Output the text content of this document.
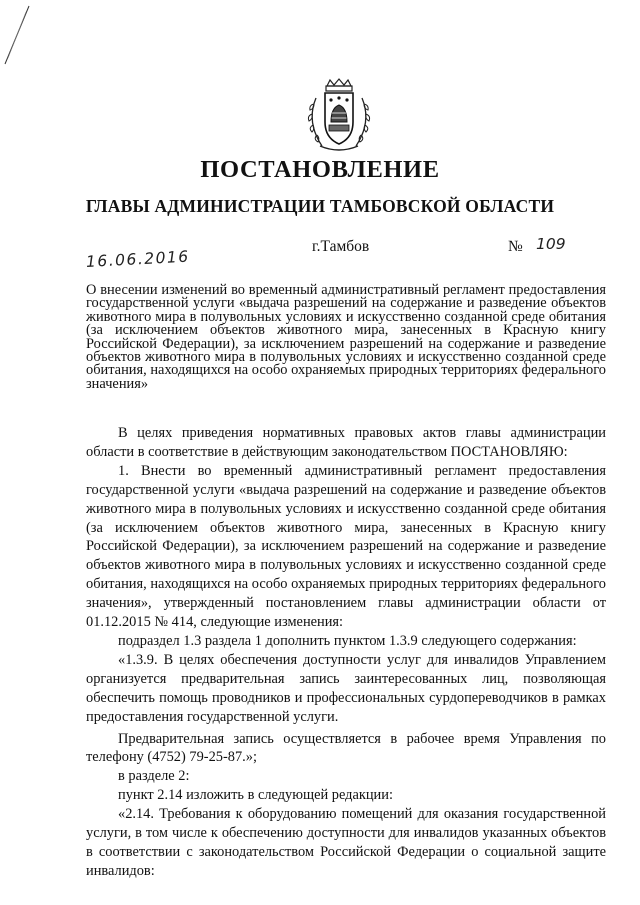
ПОСТАНОВЛЕНИЕ
ГЛАВЫ АДМИНИСТРАЦИИ ТАМБОВСКОЙ ОБЛАСТИ
16.06.2016
г.Тамбов	№ 109
О внесении изменений во временный административный регламент предоставления государственной услуги «выдача разрешений на содержание и разведение объектов животного мира в полувольных условиях и искусственно созданной среде обитания (за исключением объектов животного мира, занесенных в Красную книгу Российской Федерации), за исключением разрешений на содержание и разведение объектов животного мира в полувольных условиях и искусственно созданной среде обитания, находящихся на особо охраняемых природных территориях федерального значения»

В целях приведения нормативных правовых актов главы администрации области в соответствие в действующим законодательством ПОСТАНОВЛЯЮ:

1. Внести во временный административный регламент предоставления государственной услуги «выдача разрешений на содержание и разведение объектов животного мира в полувольных условиях и искусственно созданной среде обитания (за исключением объектов животного мира, занесенных в Красную книгу Российской Федерации), за исключением разрешений на содержание и разведение объектов животного мира в полувольных условиях и искусственно созданной среде обитания, находящихся на особо охраняемых природных территориях федерального значения», утвержденный постановлением главы администрации области от 01.12.2015 № 414, следующие изменения:

подраздел 1.3 раздела 1 дополнить пунктом 1.3.9 следующего содержания:

«1.3.9. В целях обеспечения доступности услуг для инвалидов Управлением организуется предварительная запись заинтересованных лиц, позволяющая обеспечить помощь проводников и профессиональных сурдопереводчиков в рамках предоставления государственной услуги.

Предварительная запись осуществляется в рабочее время Управления по телефону (4752) 79-25-87.»;

в разделе 2:

пункт 2.14 изложить в следующей редакции:

«2.14. Требования к оборудованию помещений для оказания государственной услуги, в том числе к обеспечению доступности для инвалидов указанных объектов в соответствии с законодательством Российской Федерации о социальной защите инвалидов:
